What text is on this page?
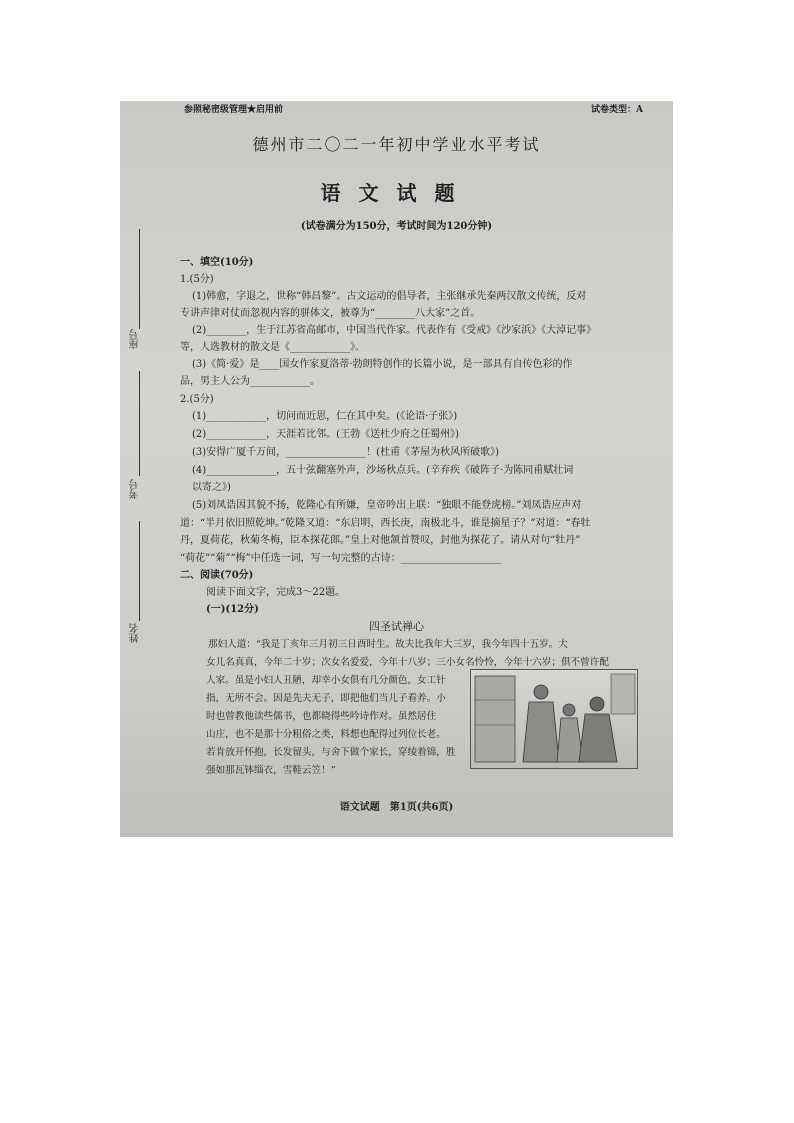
参照秘密级管理★启用前	试卷类型：A
德州市二〇二一年初中学业水平考试
语文试题
(试卷满分为150分，考试时间为120分钟)
座号
考号
姓名
一、填空(10分)
1.(5分)
(1)韩愈，字退之，世称“韩昌黎”。古文运动的倡导者，主张继承先秦两汉散文传统，反对
专讲声律对仗而忽视内容的骈体文，被尊为“________八大家”之首。
(2)________，生于江苏省高邮市，中国当代作家。代表作有《受戒》《沙家浜》《大淖记事》
等，人选教材的散文是《____________》。
(3)《简·爱》是____国女作家夏洛蒂·勃朗特创作的长篇小说，是一部具有自传色彩的作
品，男主人公为____________。
2.(5分)
(1)____________，切问而近思，仁在其中矣。(《论语·子张》)
(2)____________，天涯若比邻。(王勃《送杜少府之任蜀州》)
(3)安得广厦千万间，________________！(杜甫《茅屋为秋风所破歌》)
(4)______________，五十弦翻塞外声，沙场秋点兵。(辛弃疾《破阵子·为陈同甫赋壮词
以寄之》)
(5)刘凤诰因其貌不扬，乾隆心有所嫌，皇帝吟出上联：“独眼不能登虎榜。”刘凤诰应声对
道：“半月依旧照乾坤。”乾隆又道：“东启明，西长庚，南极北斗，谁是摘星子？”对道：“春牡
丹，夏荷花，秋菊冬梅，臣本探花郎。”皇上对他颔首赞叹，封他为探花了。请从对句“牡丹”
“荷花”“菊”“梅”中任选一词，写一句完整的古诗：____________________
二、阅读(70分)
阅读下面文字，完成3～22题。
(一)(12分)
四圣试禅心
那妇人道：“我是丁亥年三月初三日酉时生。故夫比我年大三岁，我今年四十五岁。大
女儿名真真，今年二十岁；次女名爱爱，今年十八岁；三小女名怜怜，今年十六岁；俱不曾许配
人家。虽是小妇人丑陋，却幸小女俱有几分颜色，女工针
指，无所不会。因是先夫无子，即把他们当儿子看养。小
时也曾教他读些儒书，也都晓得些吟诗作对。虽然居住
山庄，也不是那十分粗俗之类，料想也配得过列位长老。
若肯放开怀抱，长发留头，与舍下做个家长，穿绫着锦，胜
强如那瓦钵缁衣，雪鞋云笠！”
语文试题　第1页(共6页)
